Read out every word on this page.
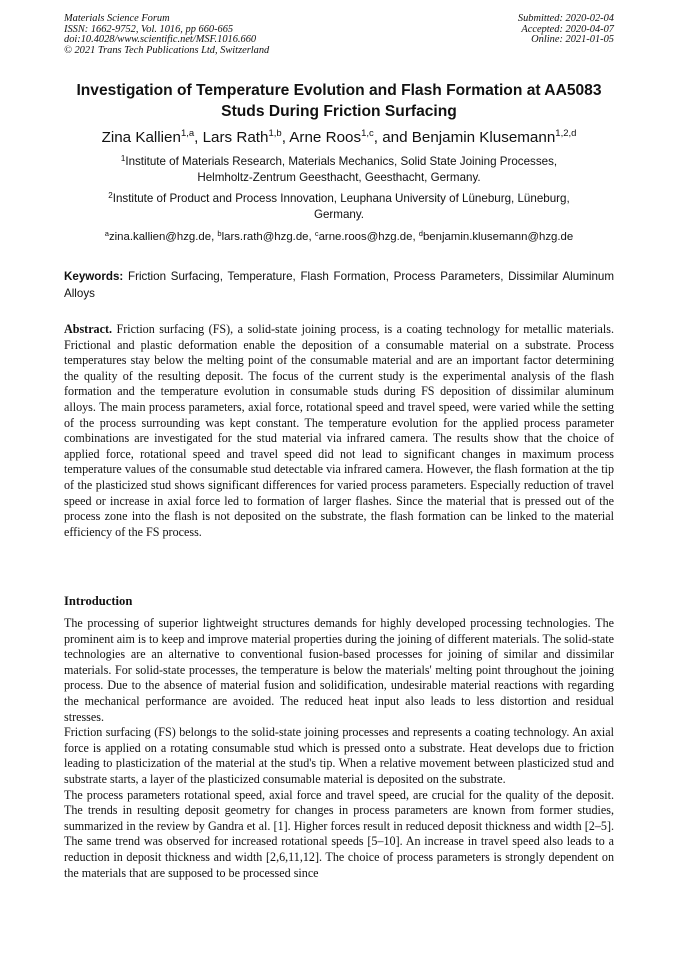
Materials Science Forum
ISSN: 1662-9752, Vol. 1016, pp 660-665
doi:10.4028/www.scientific.net/MSF.1016.660
© 2021 Trans Tech Publications Ltd, Switzerland
Submitted: 2020-02-04
Accepted: 2020-04-07
Online: 2021-01-05
Investigation of Temperature Evolution and Flash Formation at AA5083 Studs During Friction Surfacing
Zina Kallien$^{1,a}$, Lars Rath$^{1,b}$, Arne Roos$^{1,c}$, and Benjamin Klusemann$^{1,2,d}$
$^1$Institute of Materials Research, Materials Mechanics, Solid State Joining Processes, Helmholtz-Zentrum Geesthacht, Geesthacht, Germany.
$^2$Institute of Product and Process Innovation, Leuphana University of Lüneburg, Lüneburg, Germany.
$^a$zina.kallien@hzg.de, $^b$lars.rath@hzg.de, $^c$arne.roos@hzg.de, $^d$benjamin.klusemann@hzg.de
Keywords: Friction Surfacing, Temperature, Flash Formation, Process Parameters, Dissimilar Aluminum Alloys
Abstract. Friction surfacing (FS), a solid-state joining process, is a coating technology for metallic materials. Frictional and plastic deformation enable the deposition of a consumable material on a substrate. Process temperatures stay below the melting point of the consumable material and are an important factor determining the quality of the resulting deposit. The focus of the current study is the experimental analysis of the flash formation and the temperature evolution in consumable studs during FS deposition of dissimilar aluminum alloys. The main process parameters, axial force, rotational speed and travel speed, were varied while the setting of the process surrounding was kept constant. The temperature evolution for the applied process parameter combinations are investigated for the stud material via infrared camera. The results show that the choice of applied force, rotational speed and travel speed did not lead to significant changes in maximum process temperature values of the consumable stud detectable via infrared camera. However, the flash formation at the tip of the plasticized stud shows significant differences for varied process parameters. Especially reduction of travel speed or increase in axial force led to formation of larger flashes. Since the material that is pressed out of the process zone into the flash is not deposited on the substrate, the flash formation can be linked to the material efficiency of the FS process.
Introduction

The processing of superior lightweight structures demands for highly developed processing technologies. The prominent aim is to keep and improve material properties during the joining of different materials. The solid-state technologies are an alternative to conventional fusion-based processes for joining of similar and dissimilar materials. For solid-state processes, the temperature is below the materials' melting point throughout the joining process. Due to the absence of material fusion and solidification, undesirable material reactions with regarding the mechanical performance are avoided. The reduced heat input also leads to less distortion and residual stresses.

Friction surfacing (FS) belongs to the solid-state joining processes and represents a coating technology. An axial force is applied on a rotating consumable stud which is pressed onto a substrate. Heat develops due to friction leading to plasticization of the material at the stud's tip. When a relative movement between plasticized stud and substrate starts, a layer of the plasticized consumable material is deposited on the substrate.

The process parameters rotational speed, axial force and travel speed, are crucial for the quality of the deposit. The trends in resulting deposit geometry for changes in process parameters are known from former studies, summarized in the review by Gandra et al. [1]. Higher forces result in reduced deposit thickness and width [2–5]. The same trend was observed for increased rotational speeds [5–10]. An increase in travel speed also leads to a reduction in deposit thickness and width [2,6,11,12]. The choice of process parameters is strongly dependent on the materials that are supposed to be processed since
